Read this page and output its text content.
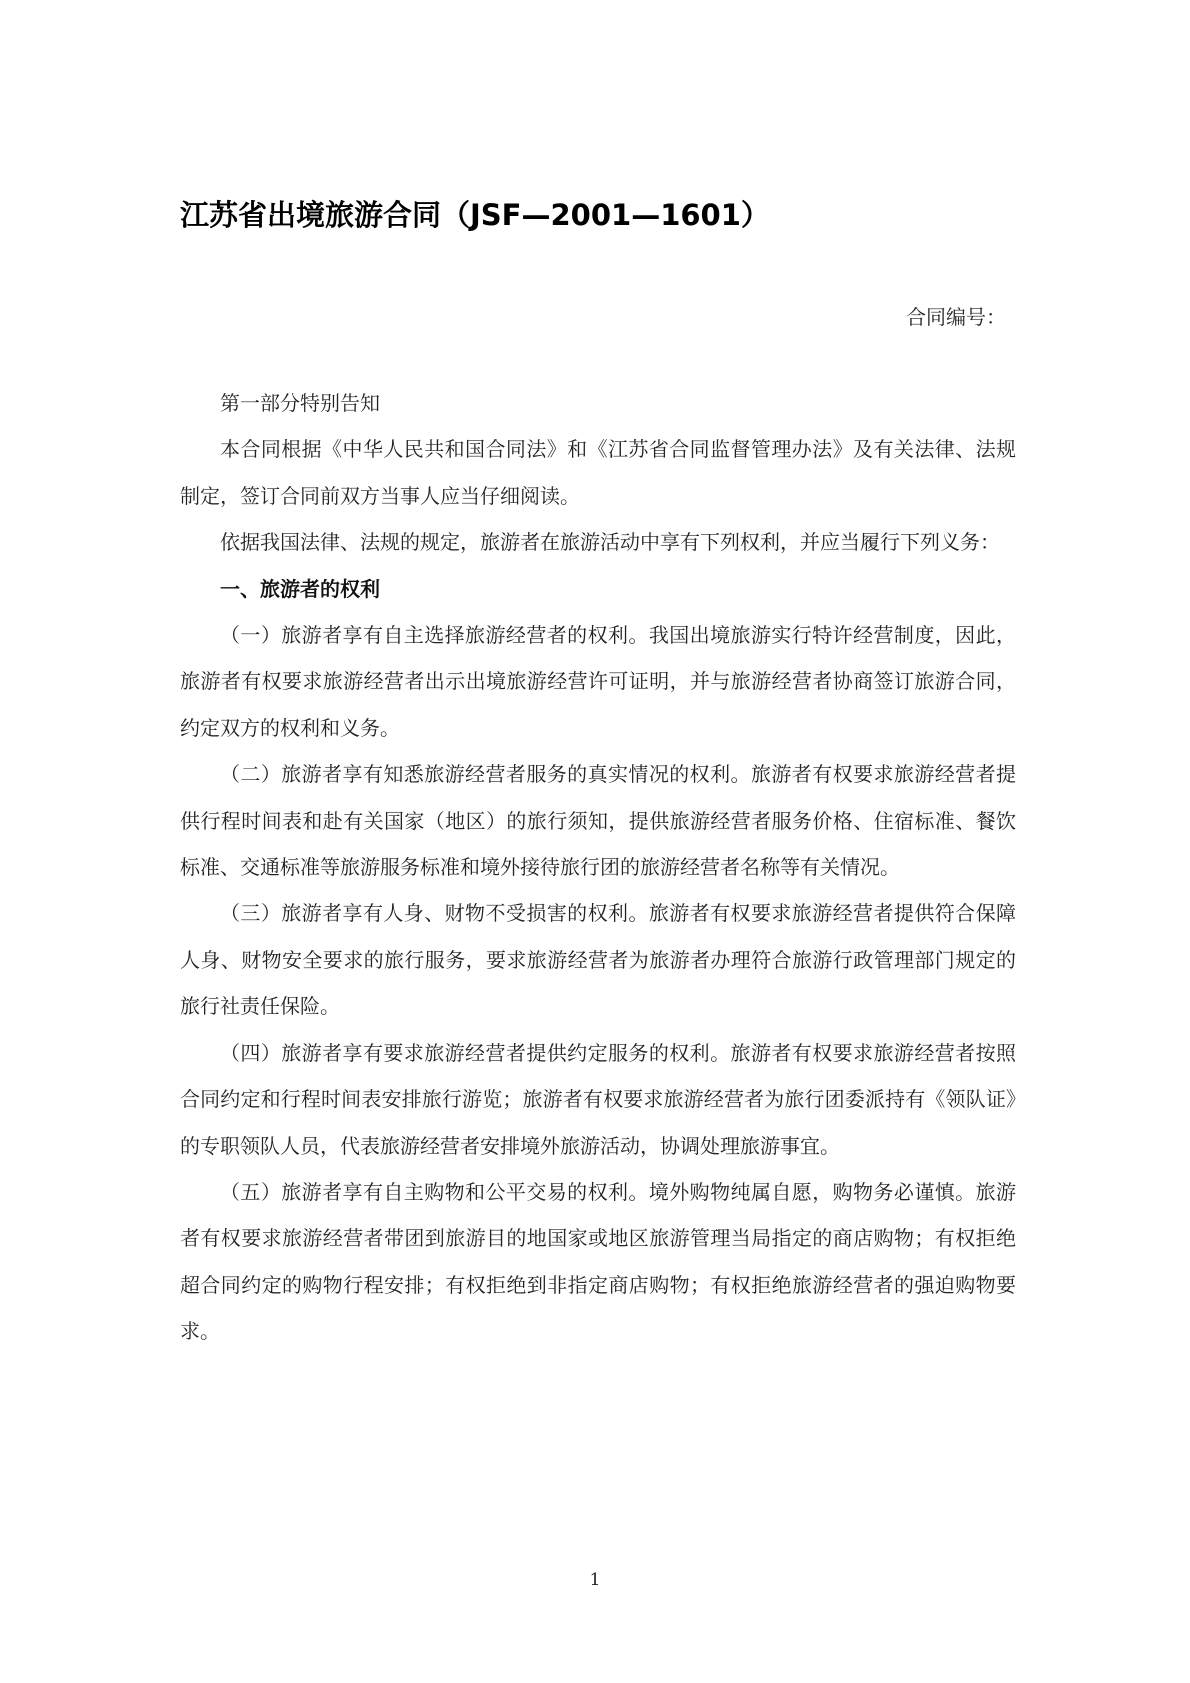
江苏省出境旅游合同（JSF—2001—1601）
合同编号：

第一部分特别告知

本合同根据《中华人民共和国合同法》和《江苏省合同监督管理办法》及有关法律、法规制定，签订合同前双方当事人应当仔细阅读。

依据我国法律、法规的规定，旅游者在旅游活动中享有下列权利，并应当履行下列义务：

一、旅游者的权利

（一）旅游者享有自主选择旅游经营者的权利。我国出境旅游实行特许经营制度，因此，旅游者有权要求旅游经营者出示出境旅游经营许可证明，并与旅游经营者协商签订旅游合同，约定双方的权利和义务。

（二）旅游者享有知悉旅游经营者服务的真实情况的权利。旅游者有权要求旅游经营者提供行程时间表和赴有关国家（地区）的旅行须知，提供旅游经营者服务价格、住宿标准、餐饮标准、交通标准等旅游服务标准和境外接待旅行团的旅游经营者名称等有关情况。

（三）旅游者享有人身、财物不受损害的权利。旅游者有权要求旅游经营者提供符合保障人身、财物安全要求的旅行服务，要求旅游经营者为旅游者办理符合旅游行政管理部门规定的旅行社责任保险。

（四）旅游者享有要求旅游经营者提供约定服务的权利。旅游者有权要求旅游经营者按照合同约定和行程时间表安排旅行游览；旅游者有权要求旅游经营者为旅行团委派持有《领队证》的专职领队人员，代表旅游经营者安排境外旅游活动，协调处理旅游事宜。

（五）旅游者享有自主购物和公平交易的权利。境外购物纯属自愿，购物务必谨慎。旅游者有权要求旅游经营者带团到旅游目的地国家或地区旅游管理当局指定的商店购物；有权拒绝超合同约定的购物行程安排；有权拒绝到非指定商店购物；有权拒绝旅游经营者的强迫购物要求。

1
